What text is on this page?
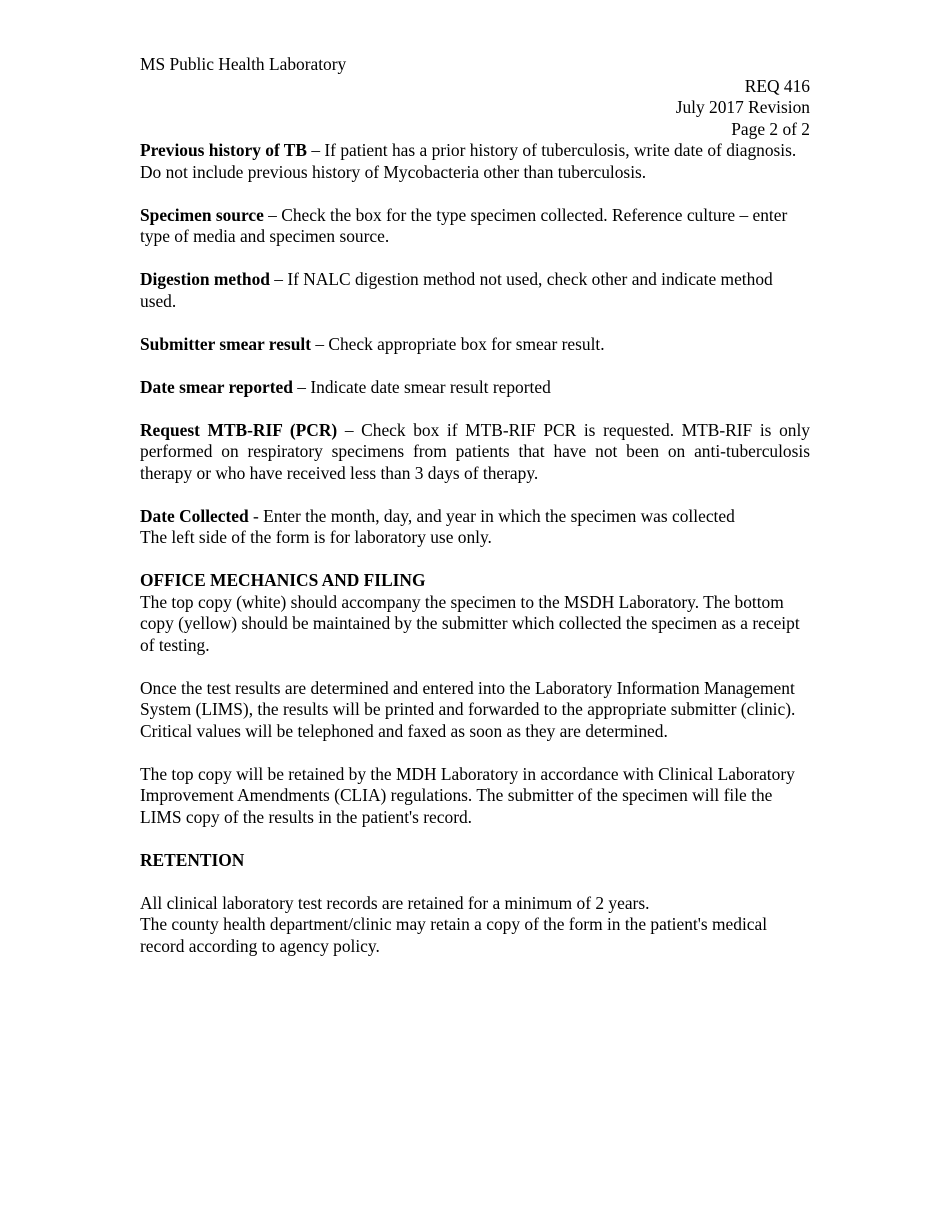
MS Public Health Laboratory
REQ 416
July 2017 Revision
Page 2 of 2

Previous history of TB – If patient has a prior history of tuberculosis, write date of diagnosis. Do not include previous history of Mycobacteria other than tuberculosis.

Specimen source – Check the box for the type specimen collected. Reference culture – enter type of media and specimen source.

Digestion method – If NALC digestion method not used, check other and indicate method used.

Submitter smear result – Check appropriate box for smear result.

Date smear reported – Indicate date smear result reported

Request MTB-RIF (PCR) – Check box if MTB-RIF PCR is requested. MTB-RIF is only performed on respiratory specimens from patients that have not been on anti-tuberculosis therapy or who have received less than 3 days of therapy.

Date Collected - Enter the month, day, and year in which the specimen was collected
The left side of the form is for laboratory use only.
OFFICE MECHANICS AND FILING

The top copy (white) should accompany the specimen to the MSDH Laboratory. The bottom copy (yellow) should be maintained by the submitter which collected the specimen as a receipt of testing.

Once the test results are determined and entered into the Laboratory Information Management System (LIMS), the results will be printed and forwarded to the appropriate submitter (clinic). Critical values will be telephoned and faxed as soon as they are determined.

The top copy will be retained by the MDH Laboratory in accordance with Clinical Laboratory Improvement Amendments (CLIA) regulations. The submitter of the specimen will file the LIMS copy of the results in the patient's record.

RETENTION
All clinical laboratory test records are retained for a minimum of 2 years.
The county health department/clinic may retain a copy of the form in the patient's medical record according to agency policy.
